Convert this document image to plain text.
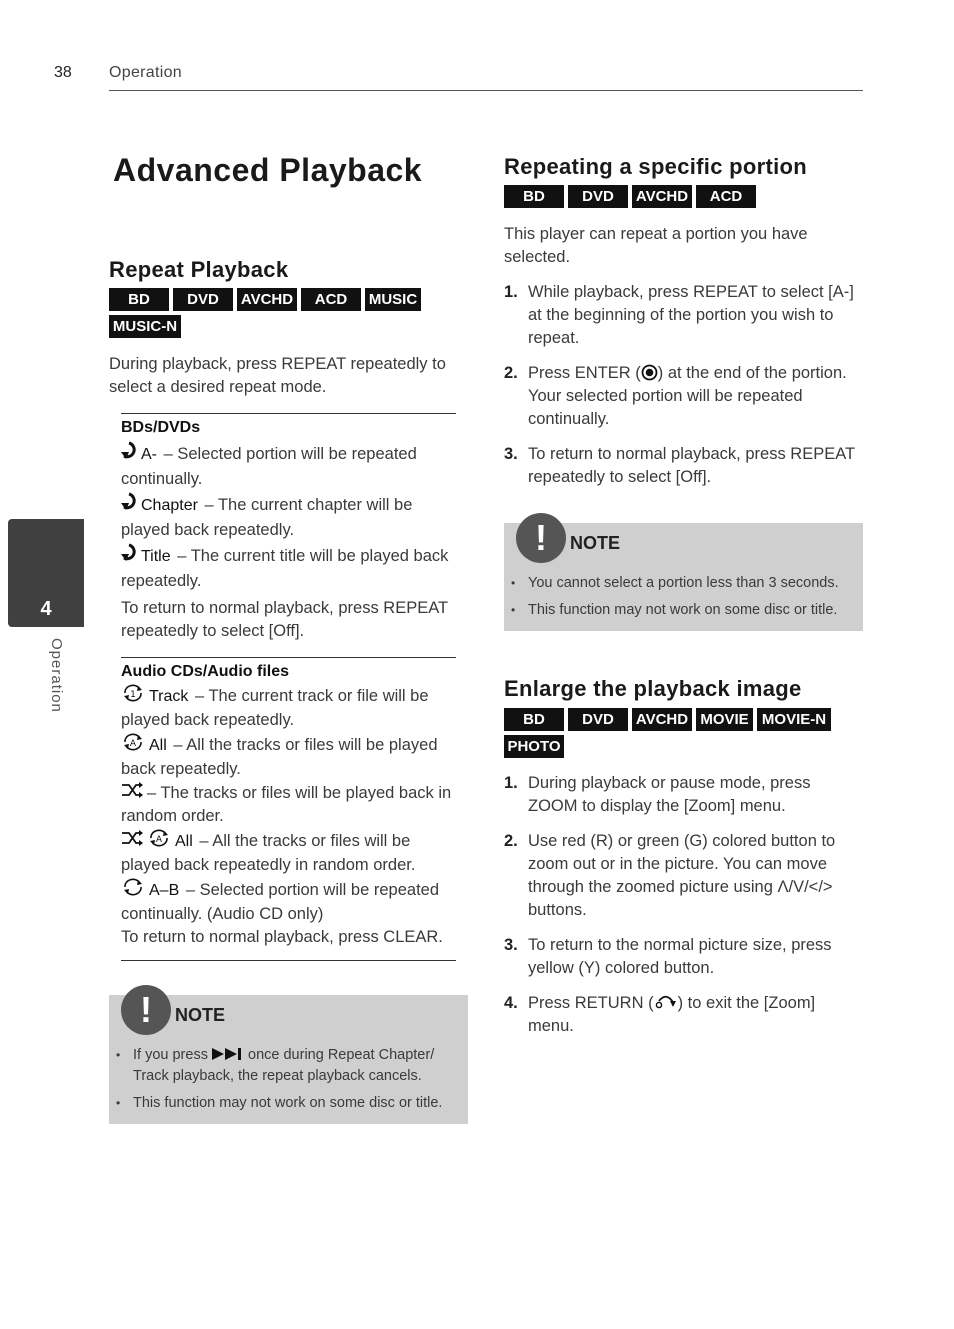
38 Operation
4
Operation
Advanced Playback
Repeat Playback
BD	DVD	AVCHD	ACD	MUSIC
MUSIC-N
During playback, press REPEAT repeatedly to select a desired repeat mode.
BDs/DVDs
A- – Selected portion will be repeated continually.
Chapter – The current chapter will be played back repeatedly.
Title – The current title will be played back repeatedly.
To return to normal playback, press REPEAT repeatedly to select [Off].
Audio CDs/Audio files
1 Track – The current track or file will be played back repeatedly.
A All – All the tracks or files will be played back repeatedly.
– The tracks or files will be played back in random order.
A All – All the tracks or files will be played back repeatedly in random order.
A–B – Selected portion will be repeated continually. (Audio CD only)
To return to normal playback, press CLEAR.
!	NOTE
• If you press	once during Repeat Chapter/ Track playback, the repeat playback cancels.
• This function may not work on some disc or title.
Repeating a specific portion
BD	DVD	AVCHD	ACD
This player can repeat a portion you have selected.
1. While playback, press REPEAT to select [A-] at the beginning of the portion you wish to repeat.
2. Press ENTER ( ) at the end of the portion. Your selected portion will be repeated continually.
3. To return to normal playback, press REPEAT repeatedly to select [Off].
!	NOTE
• You cannot select a portion less than 3 seconds.
• This function may not work on some disc or title.
Enlarge the playback image
BD	DVD	AVCHD MOVIE MOVIE-N
PHOTO
1. During playback or pause mode, press ZOOM to display the [Zoom] menu.
2. Use red (R) or green (G) colored button to zoom out or in the picture. You can move through the zoomed picture using Λ/V/</> buttons.
3. To return to the normal picture size, press yellow (Y) colored button.
4. Press RETURN ( ) to exit the [Zoom] menu.
